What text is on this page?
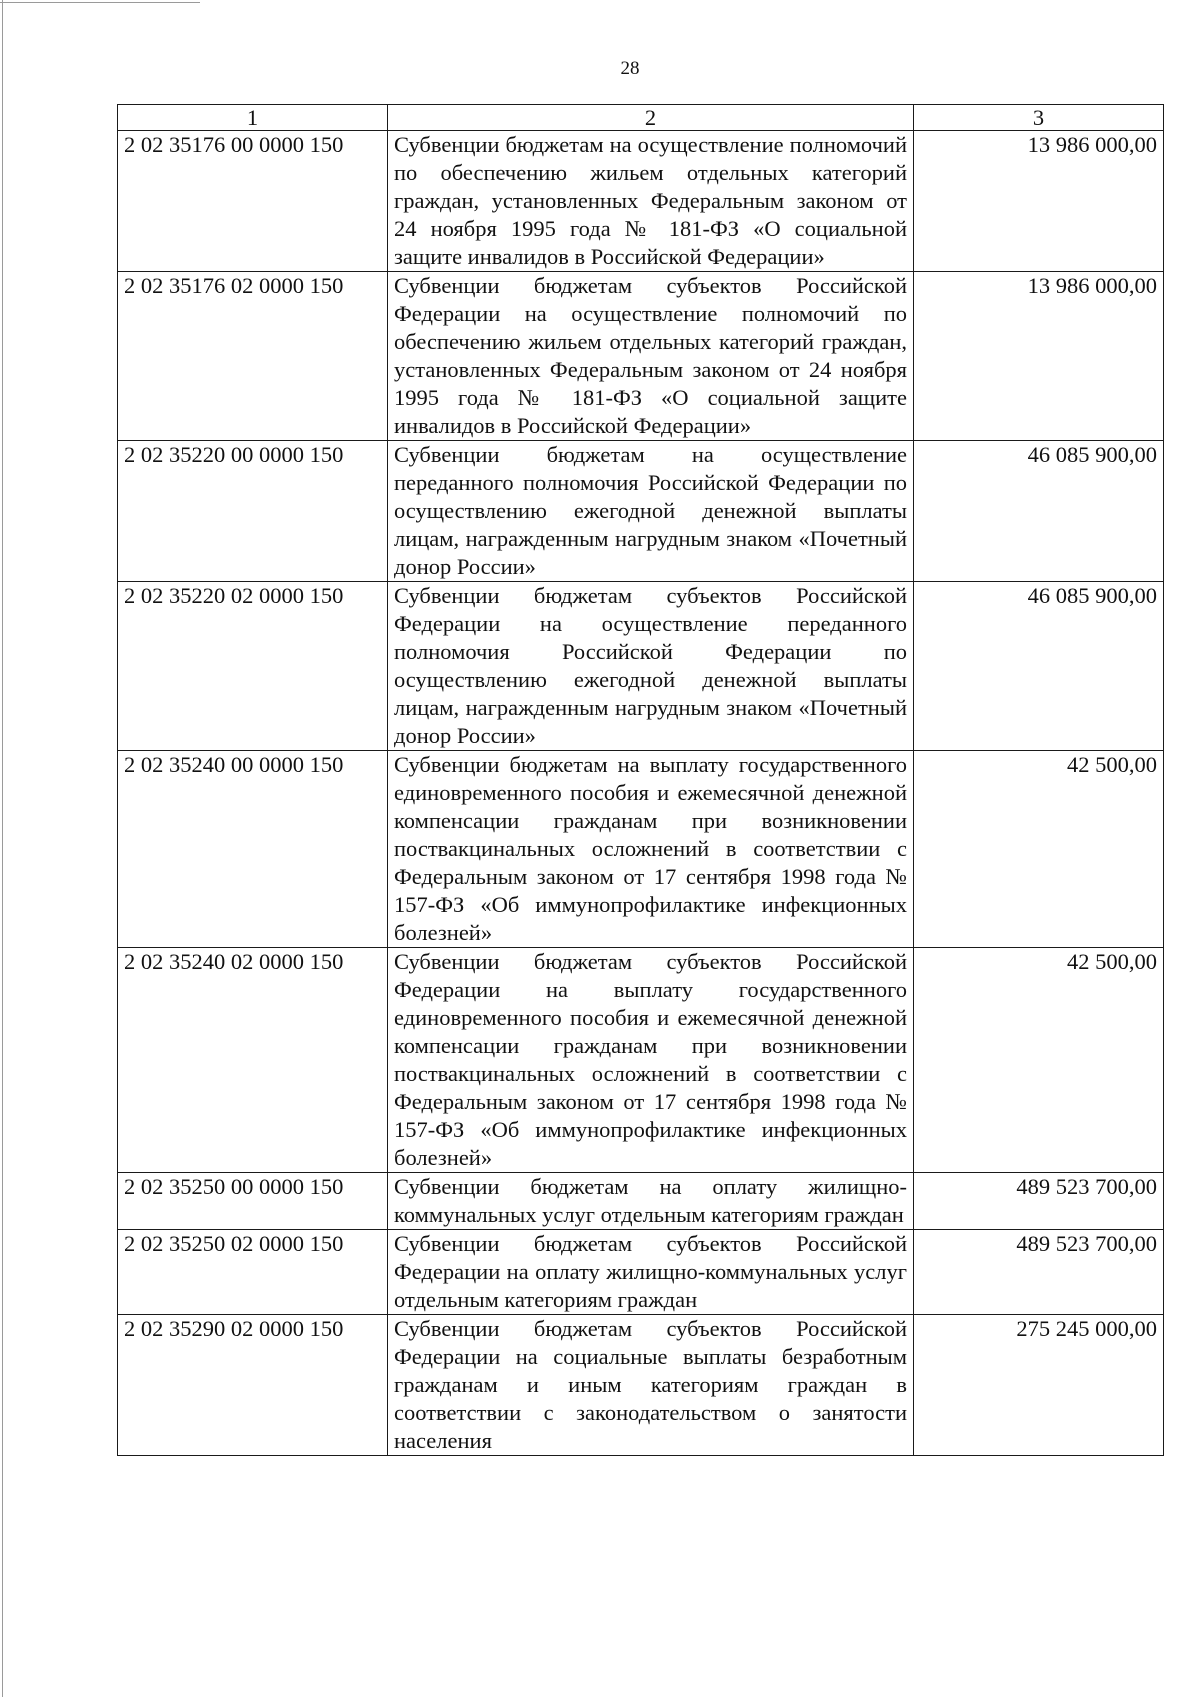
28
1	2	3
2 02 35176 00 0000 150	Субвенции бюджетам на осуществление полномочий по обеспечению жильем отдельных категорий граждан, установленных Федеральным законом от 24 ноября 1995 года № 181-ФЗ «О социальной защите инвалидов в Российской Федерации»	13 986 000,00
2 02 35176 02 0000 150	Субвенции бюджетам субъектов Российской Федерации на осуществление полномочий по обеспечению жильем отдельных категорий граждан, установленных Федеральным законом от 24 ноября 1995 года № 181-ФЗ «О социальной защите инвалидов в Российской Федерации»	13 986 000,00
2 02 35220 00 0000 150	Субвенции бюджетам на осуществление переданного полномочия Российской Федерации по осуществлению ежегодной денежной выплаты лицам, награжденным нагрудным знаком «Почетный донор России»	46 085 900,00
2 02 35220 02 0000 150	Субвенции бюджетам субъектов Российской Федерации на осуществление переданного полномочия Российской Федерации по осуществлению ежегодной денежной выплаты лицам, награжденным нагрудным знаком «Почетный донор России»	46 085 900,00
2 02 35240 00 0000 150	Субвенции бюджетам на выплату государственного единовременного пособия и ежемесячной денежной компенсации гражданам при возникновении поствакцинальных осложнений в соответствии с Федеральным законом от 17 сентября 1998 года № 157-ФЗ «Об иммунопрофилактике инфекционных болезней»	42 500,00
2 02 35240 02 0000 150	Субвенции бюджетам субъектов Российской Федерации на выплату государственного единовременного пособия и ежемесячной денежной компенсации гражданам при возникновении поствакцинальных осложнений в соответствии с Федеральным законом от 17 сентября 1998 года № 157-ФЗ «Об иммунопрофилактике инфекционных болезней»	42 500,00
2 02 35250 00 0000 150	Субвенции бюджетам на оплату жилищно-коммунальных услуг отдельным категориям граждан	489 523 700,00
2 02 35250 02 0000 150	Субвенции бюджетам субъектов Российской Федерации на оплату жилищно-коммунальных услуг отдельным категориям граждан	489 523 700,00
2 02 35290 02 0000 150	Субвенции бюджетам субъектов Российской Федерации на социальные выплаты безработным гражданам и иным категориям граждан в соответствии с законодательством о занятости населения	275 245 000,00
